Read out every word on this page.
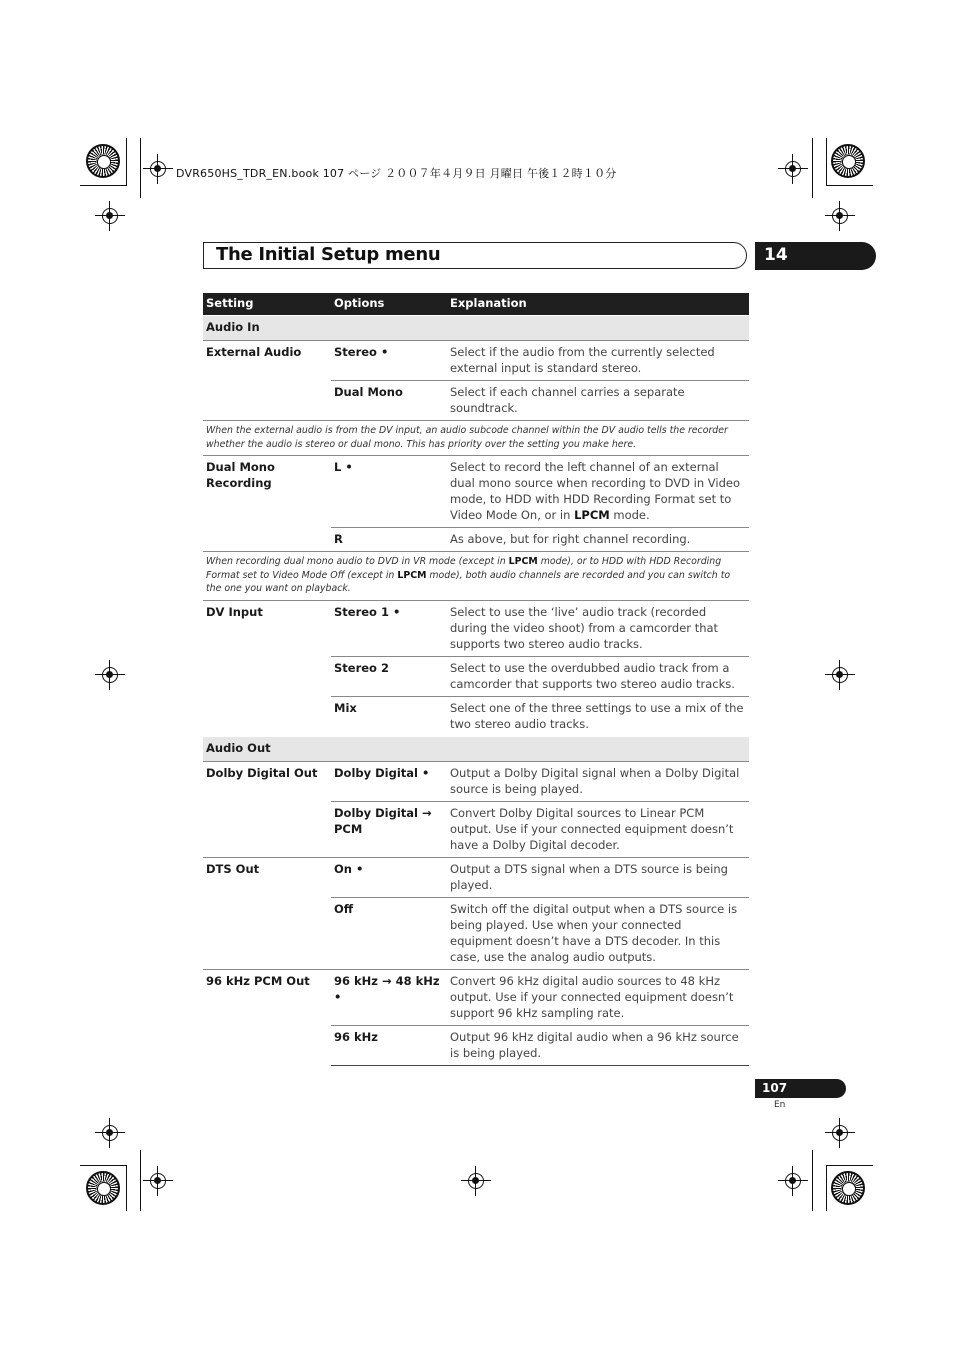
DVR650HS_TDR_EN.book 107 ページ ２００７年４月９日 月曜日 午後１２時１０分
The Initial Setup menu	14
Setting	Options	Explanation
Audio In		
External Audio	Stereo •	Select if the audio from the currently selected external input is standard stereo.
	Dual Mono	Select if each channel carries a separate soundtrack.
When the external audio is from the DV input, an audio subcode channel within the DV audio tells the recorder whether the audio is stereo or dual mono. This has priority over the setting you make here.		
Dual Mono Recording	L •	Select to record the left channel of an external dual mono source when recording to DVD in Video mode, to HDD with HDD Recording Format set to Video Mode On, or in LPCM mode.
	R	As above, but for right channel recording.
When recording dual mono audio to DVD in VR mode (except in LPCM mode), or to HDD with HDD Recording Format set to Video Mode Off (except in LPCM mode), both audio channels are recorded and you can switch to the one you want on playback.		
DV Input	Stereo 1 •	Select to use the ‘live’ audio track (recorded during the video shoot) from a camcorder that supports two stereo audio tracks.
	Stereo 2	Select to use the overdubbed audio track from a camcorder that supports two stereo audio tracks.
	Mix	Select one of the three settings to use a mix of the two stereo audio tracks.
Audio Out		
Dolby Digital Out	Dolby Digital •	Output a Dolby Digital signal when a Dolby Digital source is being played.
	Dolby Digital → PCM	Convert Dolby Digital sources to Linear PCM output. Use if your connected equipment doesn’t have a Dolby Digital decoder.
DTS Out	On •	Output a DTS signal when a DTS source is being played.
	Off	Switch off the digital output when a DTS source is being played. Use when your connected equipment doesn’t have a DTS decoder. In this case, use the analog audio outputs.
96 kHz PCM Out	96 kHz → 48 kHz •	Convert 96 kHz digital audio sources to 48 kHz output. Use if your connected equipment doesn’t support 96 kHz sampling rate.
	96 kHz	Output 96 kHz digital audio when a 96 kHz source is being played.
107
En
